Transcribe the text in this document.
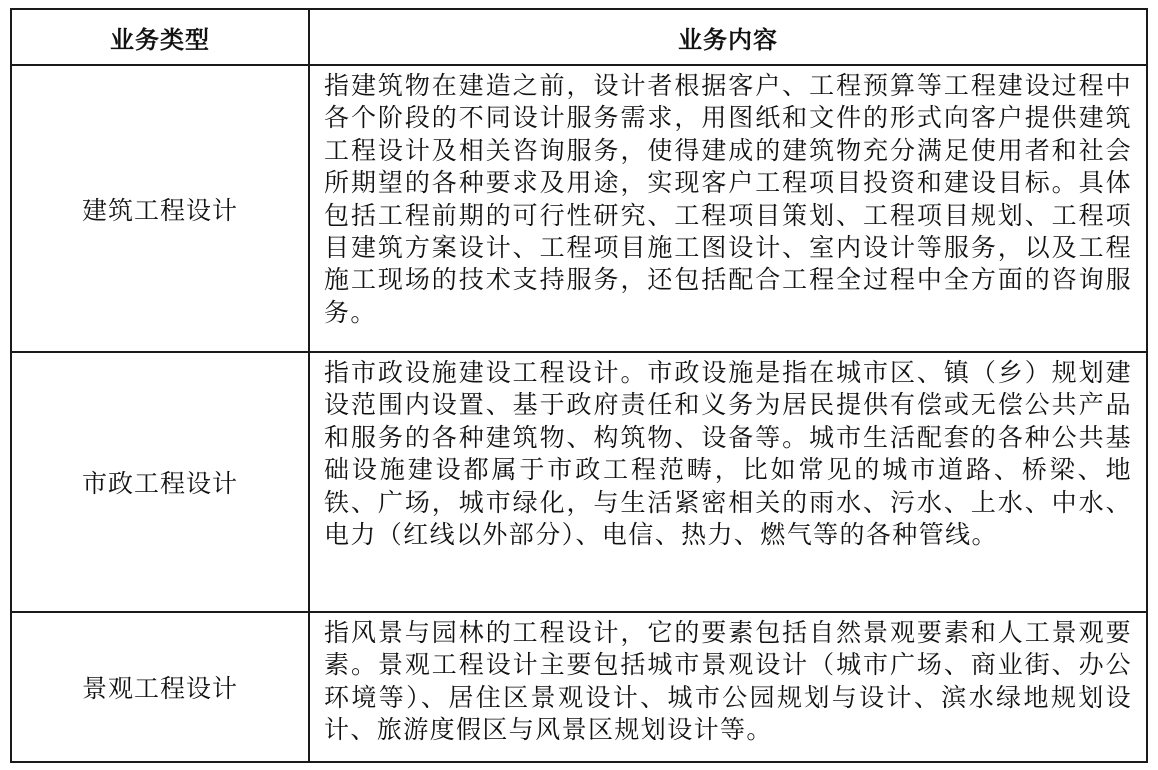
业务类型	业务内容
建筑工程设计	指建筑物在建造之前，设计者根据客户、工程预算等工程建设过程中各个阶段的不同设计服务需求，用图纸和文件的形式向客户提供建筑工程设计及相关咨询服务，使得建成的建筑物充分满足使用者和社会所期望的各种要求及用途，实现客户工程项目投资和建设目标。具体包括工程前期的可行性研究、工程项目策划、工程项目规划、工程项目建筑方案设计、工程项目施工图设计、室内设计等服务，以及工程施工现场的技术支持服务，还包括配合工程全过程中全方面的咨询服务。
市政工程设计	指市政设施建设工程设计。市政设施是指在城市区、镇（乡）规划建设范围内设置、基于政府责任和义务为居民提供有偿或无偿公共产品和服务的各种建筑物、构筑物、设备等。城市生活配套的各种公共基础设施建设都属于市政工程范畴，比如常见的城市道路、桥梁、地铁、广场，城市绿化，与生活紧密相关的雨水、污水、上水、中水、电力（红线以外部分）、电信、热力、燃气等的各种管线。
景观工程设计	指风景与园林的工程设计，它的要素包括自然景观要素和人工景观要素。景观工程设计主要包括城市景观设计（城市广场、商业街、办公环境等）、居住区景观设计、城市公园规划与设计、滨水绿地规划设计、旅游度假区与风景区规划设计等。
